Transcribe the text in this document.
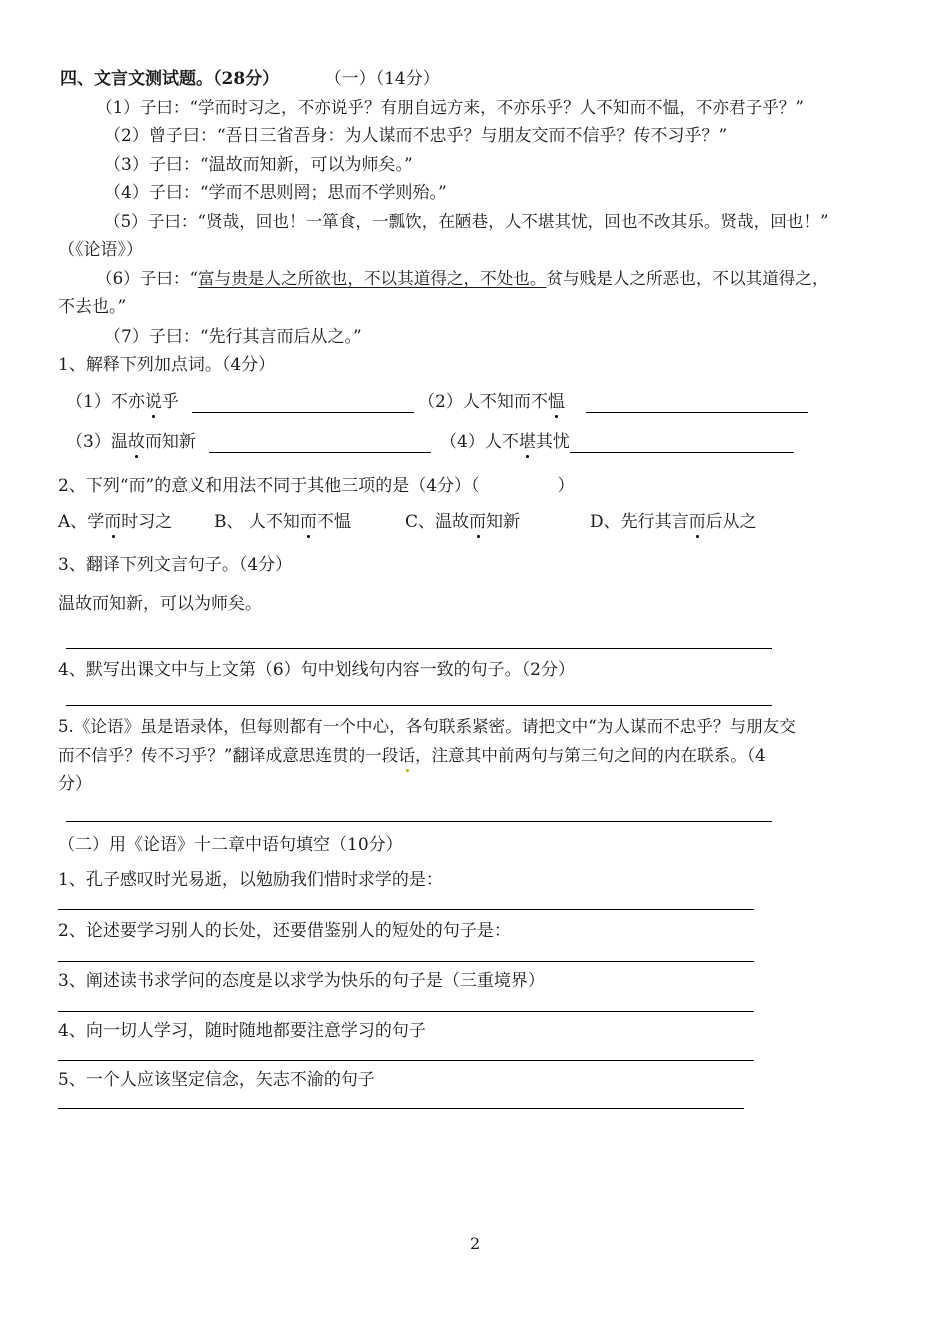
四、文言文测试题。（28分）	（一）（14分）
（1）子曰：“学而时习之，不亦说乎？有朋自远方来，不亦乐乎？人不知而不愠，不亦君子乎？”
（2）曾子曰：“吾日三省吾身：为人谋而不忠乎？与朋友交而不信乎？传不习乎？”
（3）子曰：“温故而知新，可以为师矣。”
（4）子曰：“学而不思则罔；思而不学则殆。”
（5）子曰：“贤哉，回也！一箪食，一瓢饮，在陋巷，人不堪其忧，回也不改其乐。贤哉，回也！”
（《论语》）
（6）子曰：“富与贵是人之所欲也，不以其道得之，不处也。贫与贱是人之所恶也，不以其道得之，
不去也。”
（7）子曰：“先行其言而后从之。”
1、解释下列加点词。（4分）
（1）不亦说乎	（2）人不知而不愠
（3）温故而知新	（4）人不堪其忧
2、下列“而”的意义和用法不同于其他三项的是（4分）（	）
A、学而时习之 B、 人不知而不愠	C、温故而知新	D、先行其言而后从之
3、翻译下列文言句子。（4分）
温故而知新，可以为师矣。
4、默写出课文中与上文第（6）句中划线句内容一致的句子。（2分）
5.《论语》虽是语录体，但每则都有一个中心，各句联系紧密。请把文中“为人谋而不忠乎？与朋友交
而不信乎？传不习乎？”翻译成意思连贯的一段话，注意其中前两句与第三句之间的内在联系。（4
分）
（二）用《论语》十二章中语句填空（10分）
1、孔子感叹时光易逝，以勉励我们惜时求学的是：
2、论述要学习别人的长处，还要借鉴别人的短处的句子是：
3、阐述读书求学问的态度是以求学为快乐的句子是（三重境界）
4、向一切人学习，随时随地都要注意学习的句子
5、一个人应该坚定信念，矢志不渝的句子
2
